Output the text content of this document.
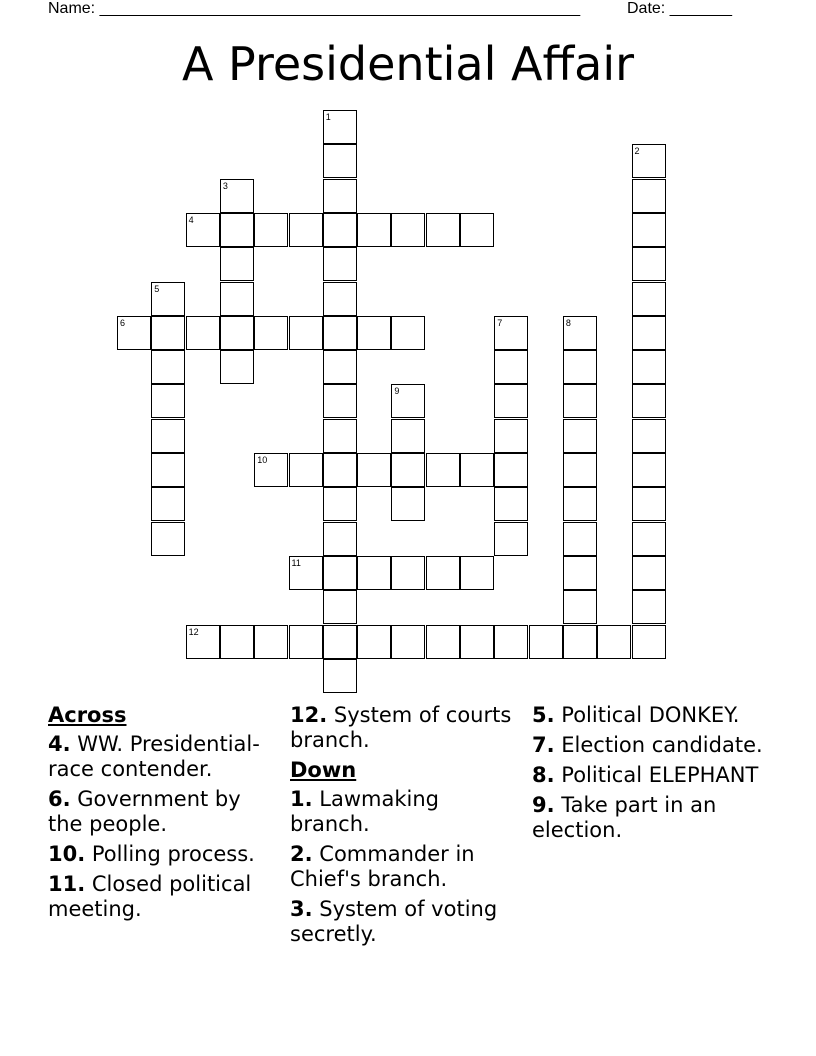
Name: ______________________________________________________	Date: _______
A Presidential Affair
1
2
3
4
5
6	7	8
9
10
11
12
Across
4. WW. Presidential-race contender.
6. Government by the people.
10. Polling process.
11. Closed political meeting.
12. System of courts branch.
Down
1. Lawmaking branch.
2. Commander in Chief's branch.
3. System of voting secretly.
5. Political DONKEY.
7. Election candidate.
8. Political ELEPHANT
9. Take part in an election.
